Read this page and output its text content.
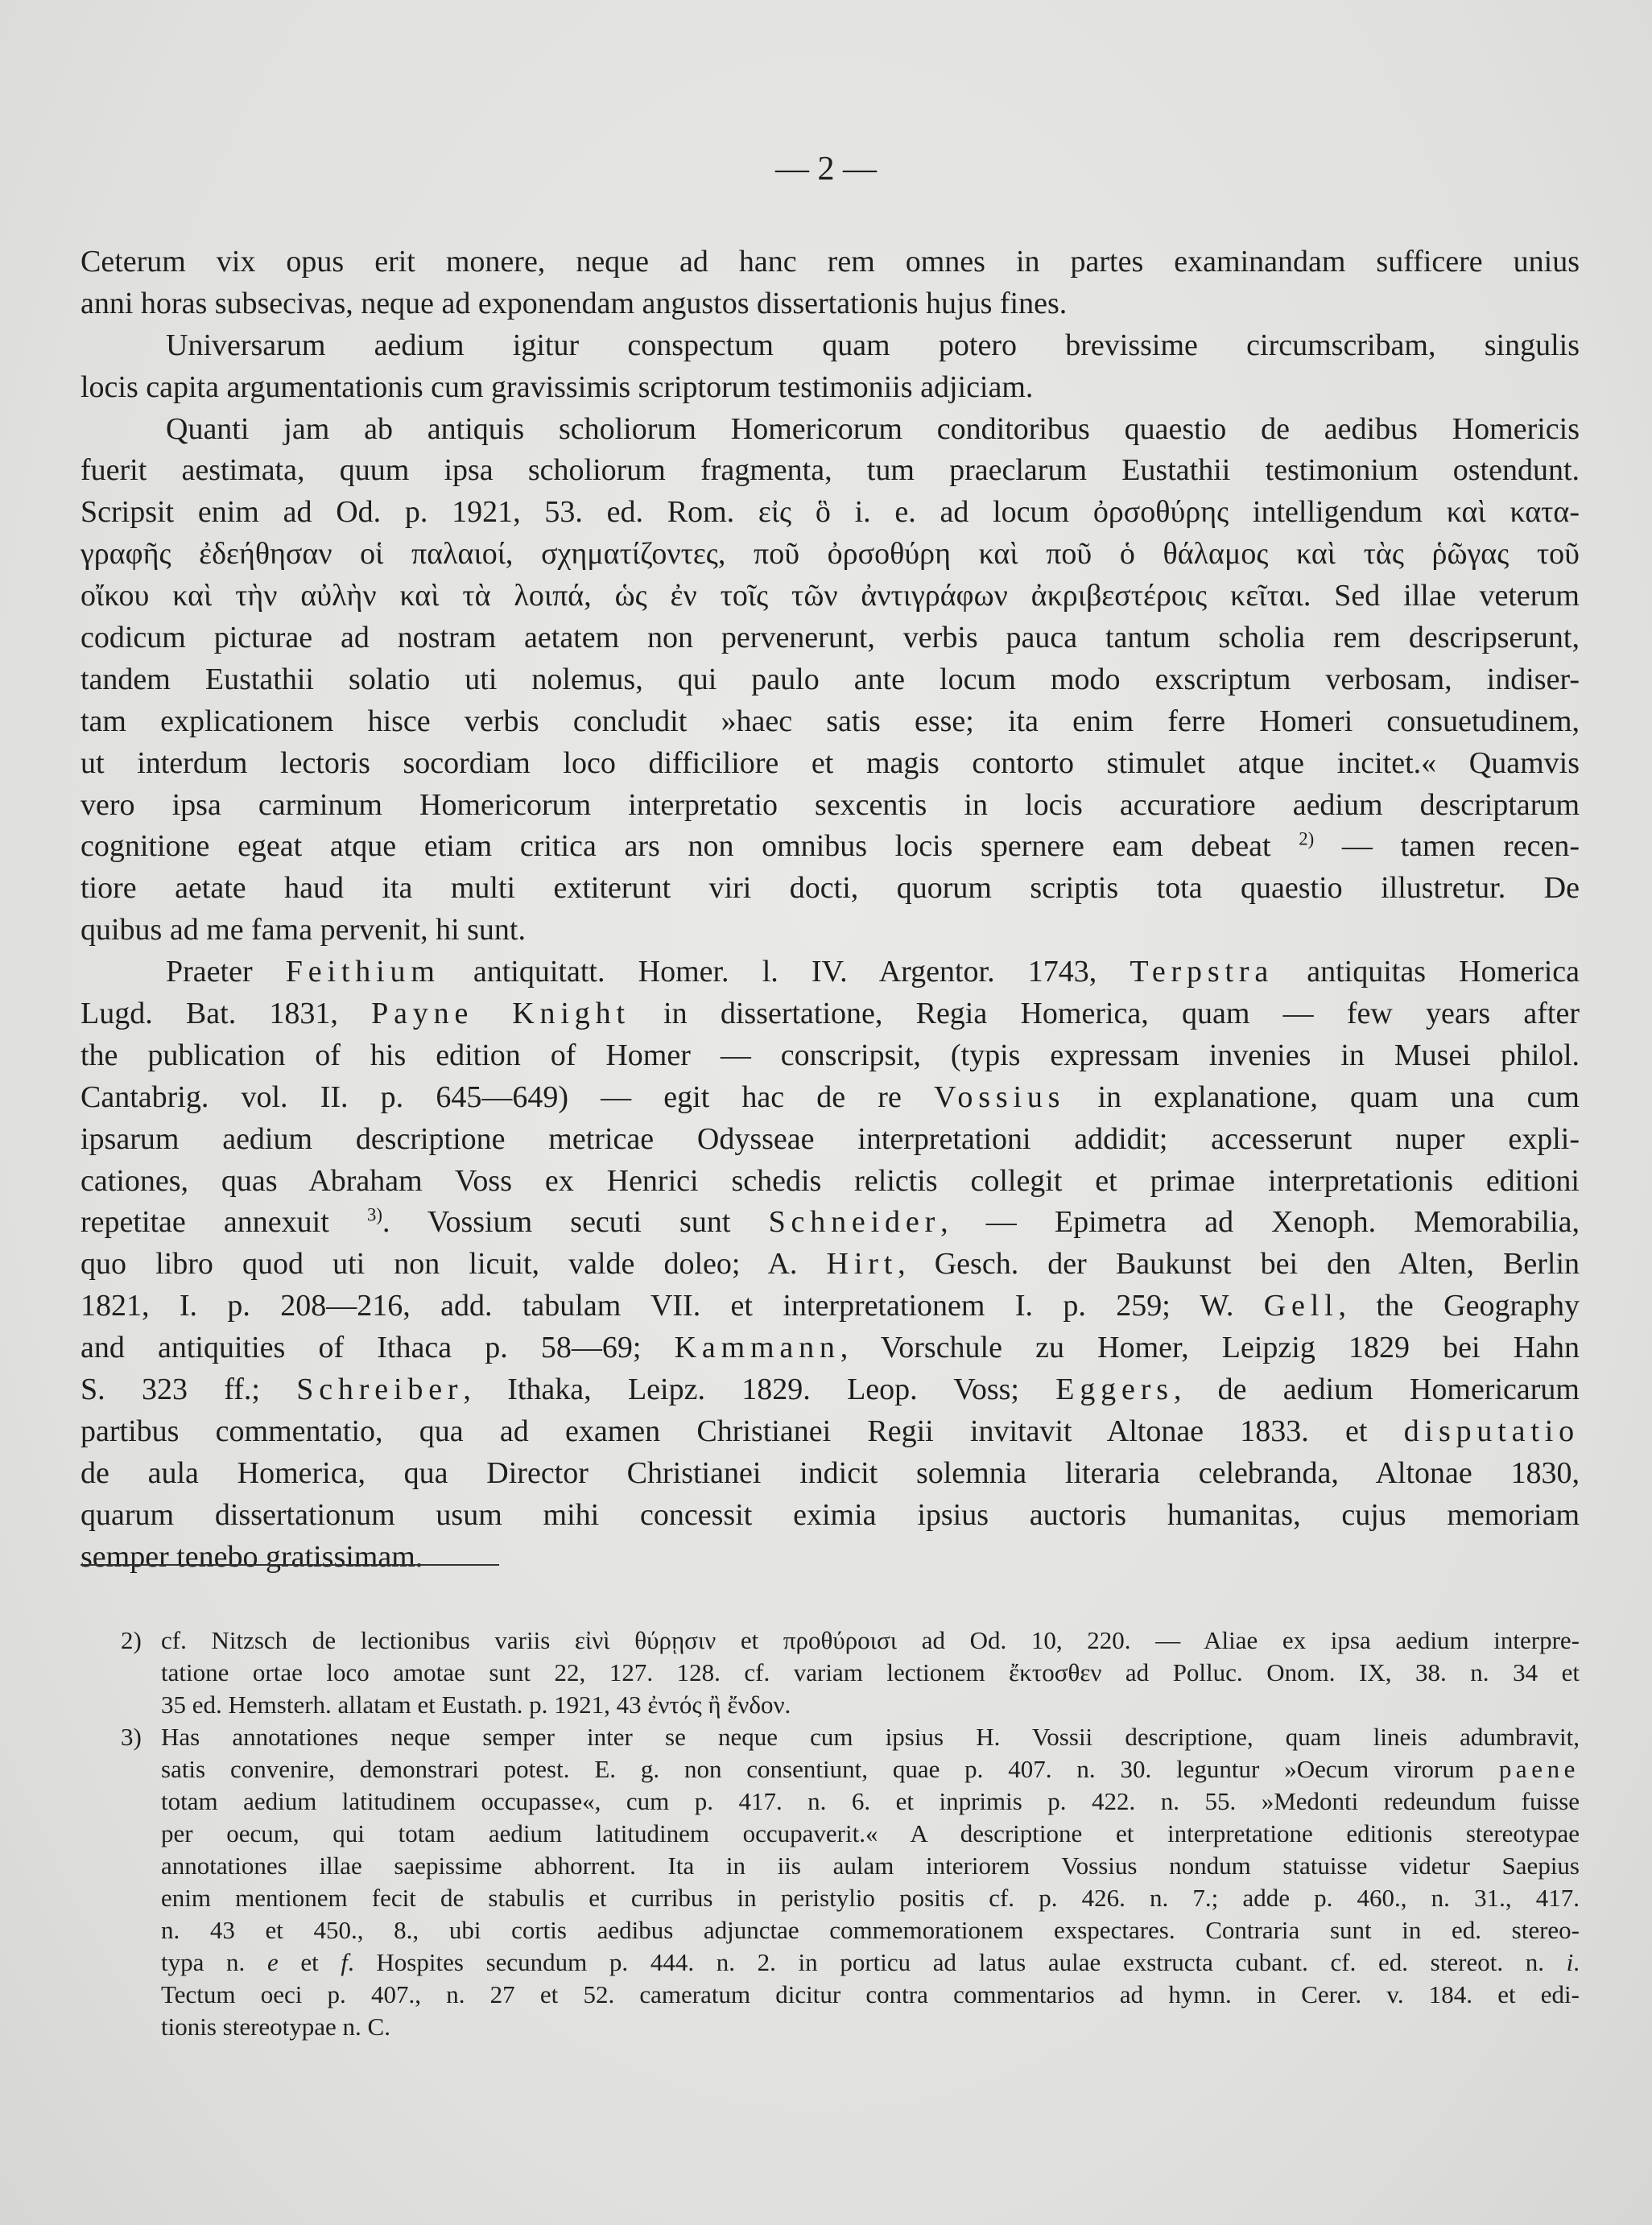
— 2 —
Ceterum vix opus erit monere, neque ad hanc rem omnes in partes examinandam sufficere unius
anni horas subsecivas, neque ad exponendam angustos dissertationis hujus fines.
Universarum aedium igitur conspectum quam potero brevissime circumscribam, singulis
locis capita argumentationis cum gravissimis scriptorum testimoniis adjiciam.
Quanti jam ab antiquis scholiorum Homericorum conditoribus quaestio de aedibus Homericis
fuerit aestimata, quum ipsa scholiorum fragmenta, tum praeclarum Eustathii testimonium ostendunt.
Scripsit enim ad Od. p. 1921, 53. ed. Rom. εἰς ὃ i. e. ad locum ὀρσοθύρης intelligendum καὶ κατα-
γραφῆς ἐδεήθησαν οἱ παλαιοί, σχηματίζοντες, ποῦ ὀρσοθύρη καὶ ποῦ ὁ θάλαμος καὶ τὰς ῥῶγας τοῦ
οἴκου καὶ τὴν αὐλὴν καὶ τὰ λοιπά, ὡς ἐν τοῖς τῶν ἀντιγράφων ἀκριβεστέροις κεῖται. Sed illae veterum
codicum picturae ad nostram aetatem non pervenerunt, verbis pauca tantum scholia rem descripserunt,
tandem Eustathii solatio uti nolemus, qui paulo ante locum modo exscriptum verbosam, indiser-
tam explicationem hisce verbis concludit »haec satis esse; ita enim ferre Homeri consuetudinem,
ut interdum lectoris socordiam loco difficiliore et magis contorto stimulet atque incitet.« Quamvis
vero ipsa carminum Homericorum interpretatio sexcentis in locis accuratiore aedium descriptarum
cognitione egeat atque etiam critica ars non omnibus locis spernere eam debeat $^{2)}$ — tamen recen-
tiore aetate haud ita multi extiterunt viri docti, quorum scriptis tota quaestio illustretur. De
quibus ad me fama pervenit, hi sunt.
Praeter Feithium antiquitatt. Homer. l. IV. Argentor. 1743, Terpstra antiquitas Homerica
Lugd. Bat. 1831, Payne Knight in dissertatione, Regia Homerica, quam — few years after
the publication of his edition of Homer — conscripsit, (typis expressam invenies in Musei philol.
Cantabrig. vol. II. p. 645—649) — egit hac de re Vossius in explanatione, quam una cum
ipsarum aedium descriptione metricae Odysseae interpretationi addidit; accesserunt nuper expli-
cationes, quas Abraham Voss ex Henrici schedis relictis collegit et primae interpretationis editioni
repetitae annexuit $^{3)}$. Vossium secuti sunt Schneider, — Epimetra ad Xenoph. Memorabilia,
quo libro quod uti non licuit, valde doleo; A. Hirt, Gesch. der Baukunst bei den Alten, Berlin
1821, I. p. 208—216, add. tabulam VII. et interpretationem I. p. 259; W. Gell, the Geography
and antiquities of Ithaca p. 58—69; Kammann, Vorschule zu Homer, Leipzig 1829 bei Hahn
S. 323 ff.; Schreiber, Ithaka, Leipz. 1829. Leop. Voss; Eggers, de aedium Homericarum
partibus commentatio, qua ad examen Christianei Regii invitavit Altonae 1833. et disputatio
de aula Homerica, qua Director Christianei indicit solemnia literaria celebranda, Altonae 1830,
quarum dissertationum usum mihi concessit eximia ipsius auctoris humanitas, cujus memoriam
semper tenebo gratissimam.
2) cf. Nitzsch de lectionibus variis εἰνὶ θύρῃσιν et προθύροισι ad Od. 10, 220. — Aliae ex ipsa aedium interpre-
tatione ortae loco amotae sunt 22, 127. 128. cf. variam lectionem ἔκτοσθεν ad Polluc. Onom. IX, 38. n. 34 et
35 ed. Hemsterh. allatam et Eustath. p. 1921, 43 ἐντός ἢ ἔνδον.
3) Has annotationes neque semper inter se neque cum ipsius H. Vossii descriptione, quam lineis adumbravit,
satis convenire, demonstrari potest. E. g. non consentiunt, quae p. 407. n. 30. leguntur »Oecum virorum paene
totam aedium latitudinem occupasse«, cum p. 417. n. 6. et inprimis p. 422. n. 55. »Medonti redeundum fuisse
per oecum, qui totam aedium latitudinem occupaverit.« A descriptione et interpretatione editionis stereotypae
annotationes illae saepissime abhorrent. Ita in iis aulam interiorem Vossius nondum statuisse videtur Saepius
enim mentionem fecit de stabulis et curribus in peristylio positis cf. p. 426. n. 7.; adde p. 460., n. 31., 417.
n. 43 et 450., 8., ubi cortis aedibus adjunctae commemorationem exspectares. Contraria sunt in ed. stereo-
typa n. e et f. Hospites secundum p. 444. n. 2. in porticu ad latus aulae exstructa cubant. cf. ed. stereot. n. i.
Tectum oeci p. 407., n. 27 et 52. cameratum dicitur contra commentarios ad hymn. in Cerer. v. 184. et edi-
tionis stereotypae n. C.
